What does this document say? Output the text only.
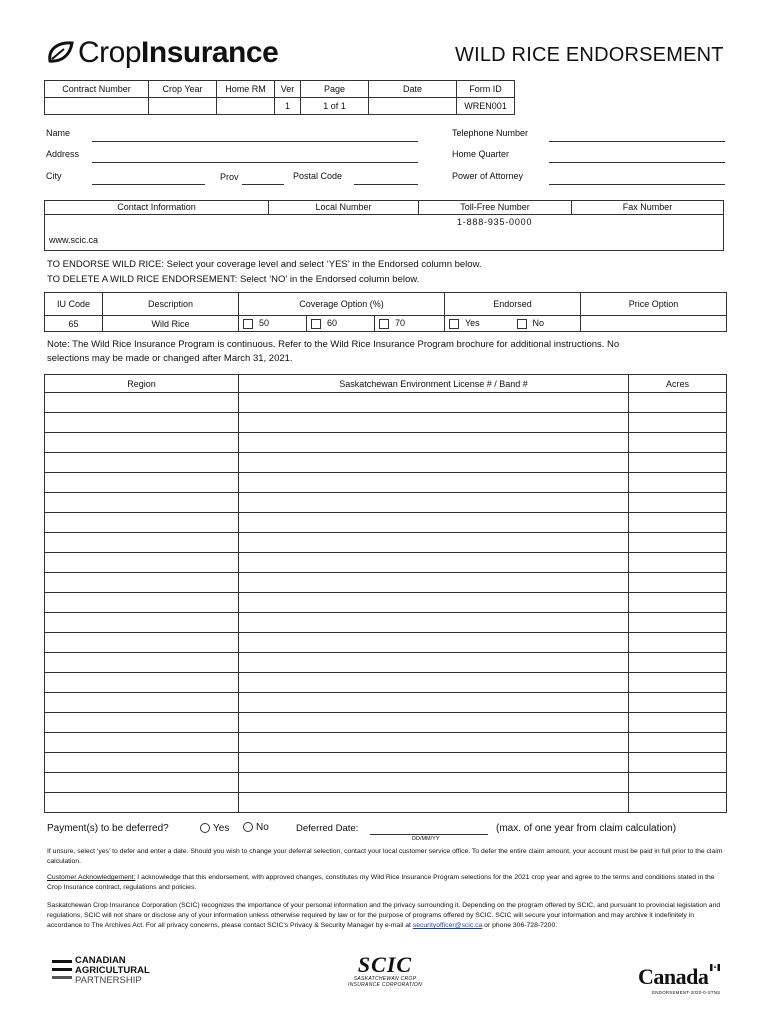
Crop Insurance	WILD RICE ENDORSEMENT
Contract Number	Crop Year	Home RM	Ver	Page	Date	Form ID
			1	1 of 1		WREN001
Name
Address
City	Prov	Postal Code
Telephone Number
Home Quarter
Power of Attorney
Contact Information	Local Number	Toll-Free Number	Fax Number
1-888-935-0000
www.scic.ca
TO ENDORSE WILD RICE: Select your coverage level and select ‘YES’ in the Endorsed column below.
TO DELETE A WILD RICE ENDORSEMENT: Select ‘NO’ in the Endorsed column below.
IU Code	Description	Coverage Option (%)			Endorsed		Price Option
65	Wild Rice	50	60	70	Yes	No	
Note: The Wild Rice Insurance Program is continuous. Refer to the Wild Rice Insurance Program brochure for additional instructions. No
selections may be made or changed after March 31, 2021.
Region	Saskatchewan Environment License # / Band #	Acres

Payment(s) to be deferred?	Yes	No	Deferred Date:
DD/MM/YY
(max. of one year from claim calculation)
If unsure, select ‘yes’ to defer and enter a date. Should you wish to change your deferral selection, contact your local customer service office. To defer the entire claim amount, your account must be paid in full prior to the claim calculation.
Customer Acknowledgement: I acknowledge that this endorsement, with approved changes, constitutes my Wild Rice Insurance Program selections for the 2021 crop year and agree to the terms and conditions stated in the Crop Insurance contract, regulations and policies.
Saskatchewan Crop Insurance Corporation (SCIC) recognizes the importance of your personal information and the privacy surrounding it. Depending on the program offered by SCIC, and pursuant to provincial legislation and regulations, SCIC will not share or disclose any of your information unless otherwise required by law or for the purpose of programs offered by SCIC. SCIC will secure your information and may archive it indefinitely in accordance to The Archives Act. For all privacy concerns, please contact SCIC’s Privacy & Security Manager by e-mail at securityofficer@scic.ca or phone 306-728-7200.
CANADIAN
AGRICULTURAL
PARTNERSHIP
SCIC
SASKATCHEWAN CROP
INSURANCE CORPORATION	Canada
ENDORSEMENT-2020-0-STNS
